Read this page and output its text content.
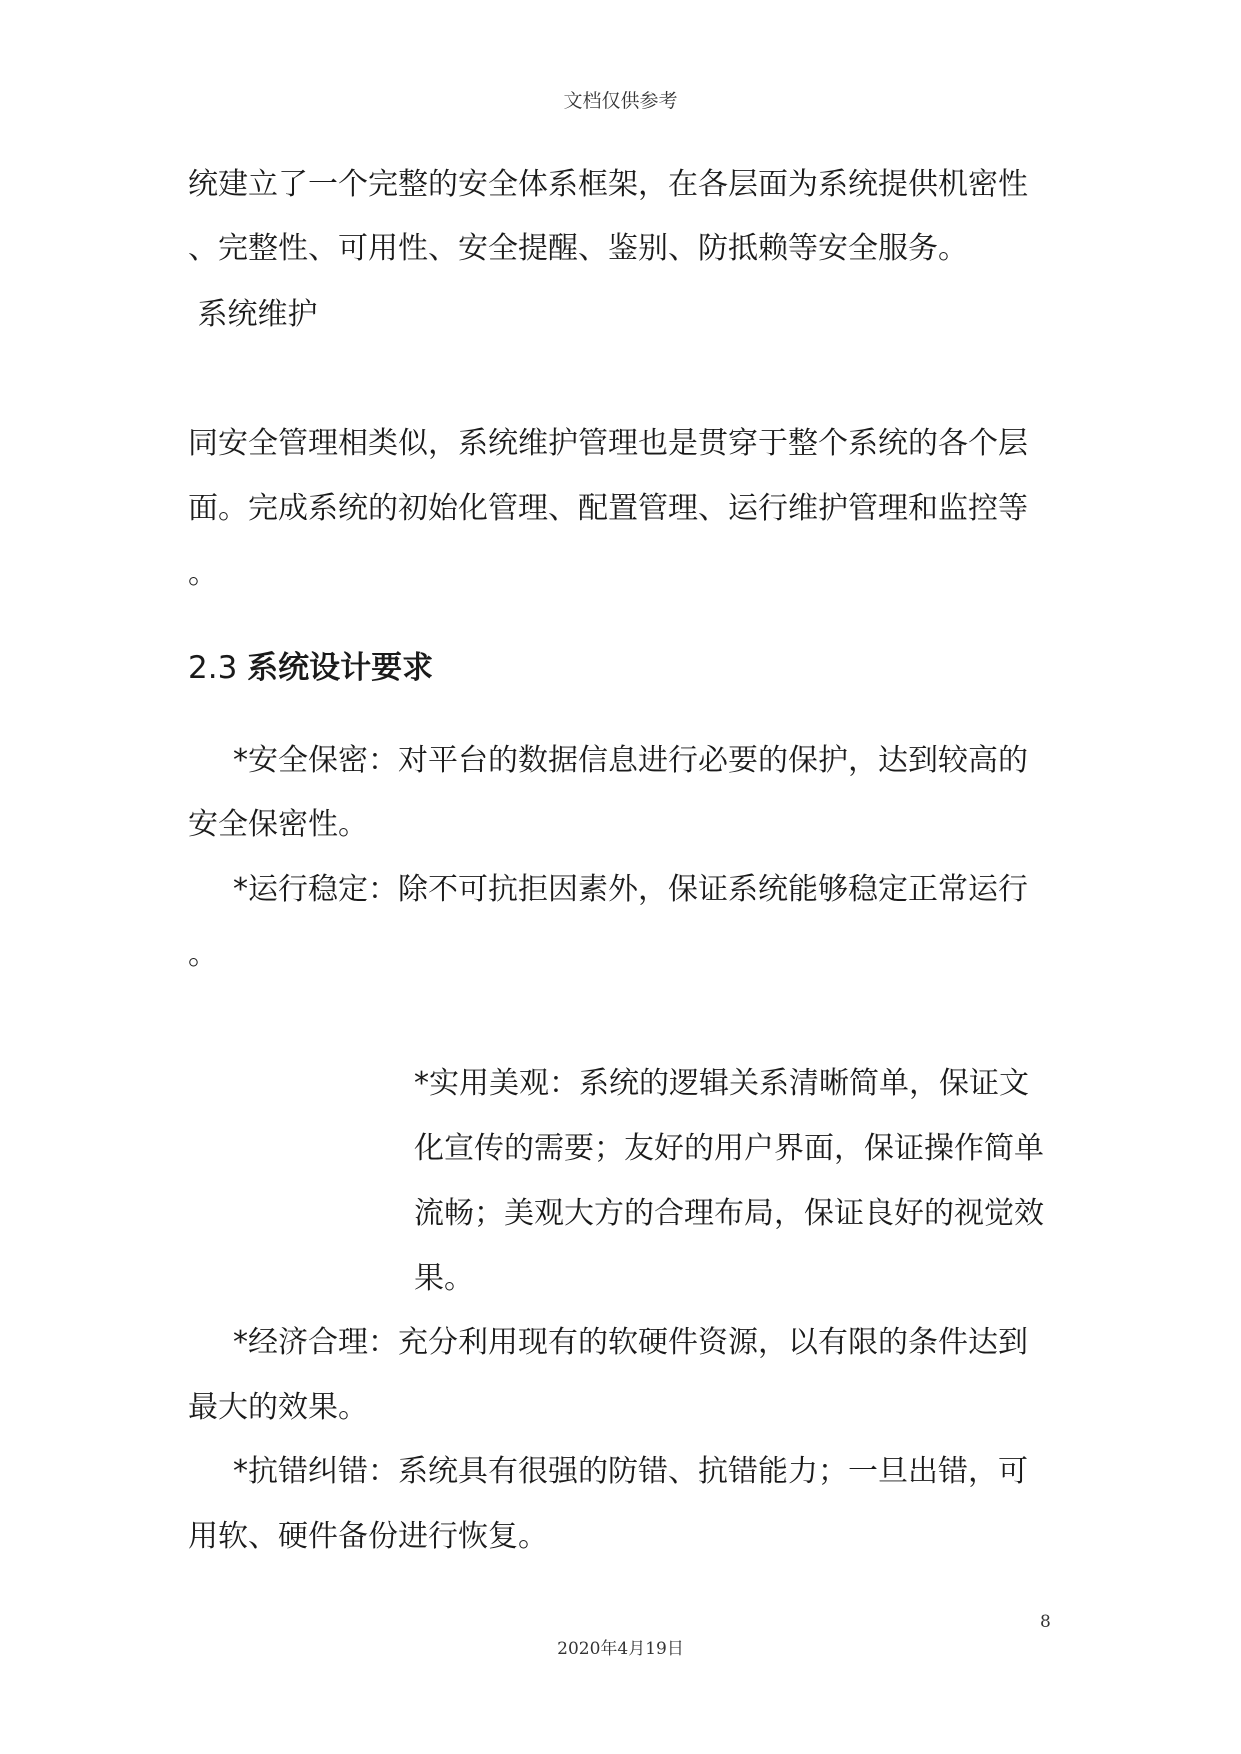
文档仅供参考
统建立了一个完整的安全体系框架，在各层面为系统提供机密性
、完整性、可用性、安全提醒、鉴别、防抵赖等安全服务。
系统维护
同安全管理相类似，系统维护管理也是贯穿于整个系统的各个层
面。完成系统的初始化管理、配置管理、运行维护管理和监控等
。
2.3 系统设计要求
*安全保密：对平台的数据信息进行必要的保护，达到较高的
安全保密性。
*运行稳定：除不可抗拒因素外，保证系统能够稳定正常运行
。
*实用美观：系统的逻辑关系清晰简单，保证文
化宣传的需要；友好的用户界面，保证操作简单
流畅；美观大方的合理布局，保证良好的视觉效
果。
*经济合理：充分利用现有的软硬件资源，以有限的条件达到
最大的效果。
*抗错纠错：系统具有很强的防错、抗错能力；一旦出错，可
用软、硬件备份进行恢复。
8
2020年4月19日
